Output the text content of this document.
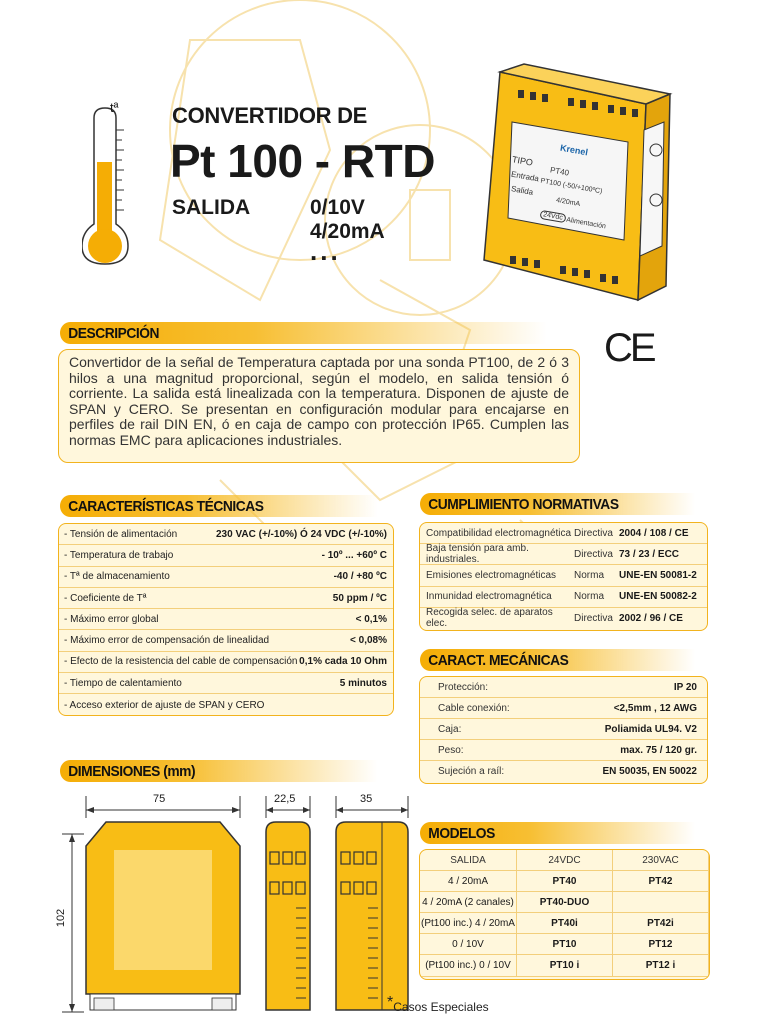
tª CONVERTIDOR DE
Pt 100 - RTD
SALIDA	0/10V
4/20mA
...
Krenel
TIPO
PT40
Entrada
PT100 (-50/+100ºC)
Salida
4/20mA
24Vdc
Alimentación
CE
DESCRIPCIÓN
Convertidor de la señal de Temperatura captada por una sonda PT100, de 2 ó 3 hilos a una magnitud proporcional, según el modelo, en salida tensión ó corriente. La salida está linealizada con la temperatura. Disponen de ajuste de SPAN y CERO. Se presentan en configuración modular para encajarse en perfiles de rail DIN EN, ó en caja de campo con protección IP65. Cumplen las normas EMC para aplicaciones industriales.
CARACTERÍSTICAS TÉCNICAS
- Tensión de alimentación	230 VAC (+/-10%) Ó 24 VDC (+/-10%)
- Temperatura de trabajo	- 10º ... +60º C
- Tª de almacenamiento	-40 / +80 ºC
- Coeficiente de Tª	50 ppm / ºC
- Máximo error global	< 0,1%
- Máximo error de compensación de linealidad	< 0,08%
- Efecto de la resistencia del cable de compensación 0,1% cada 10 Ohm
- Tiempo de calentamiento	5 minutos
- Acceso exterior de ajuste de SPAN y CERO
CUMPLIMIENTO NORMATIVAS
Compatibilidad electromagnética Directiva 2004 / 108 / CE
Baja tensión para amb. industriales.	Directiva 73 / 23 / ECC
Emisiones electromagnéticas	Norma	UNE-EN 50081-2
Inmunidad electromagnética	Norma	UNE-EN 50082-2
Recogida selec. de aparatos elec.	Directiva 2002 / 96 / CE
CARACT. MECÁNICAS
Protección:	IP 20
Cable conexión:	<2,5mm , 12 AWG
Caja:	Poliamida UL94. V2
Peso:	max. 75 / 120 gr.
Sujeción a raíl:	EN 50035, EN 50022
DIMENSIONES (mm)
75	22,5	35
102
MODELOS
SALIDA	24VDC	230VAC
4 / 20mA	PT40	PT42
4 / 20mA (2 canales)	PT40-DUO
(Pt100 inc.) 4 / 20mA	PT40i	PT42i
0 / 10V	PT10	PT12
(Pt100 inc.) 0 / 10V	PT10 i	PT12 i
*Casos Especiales
